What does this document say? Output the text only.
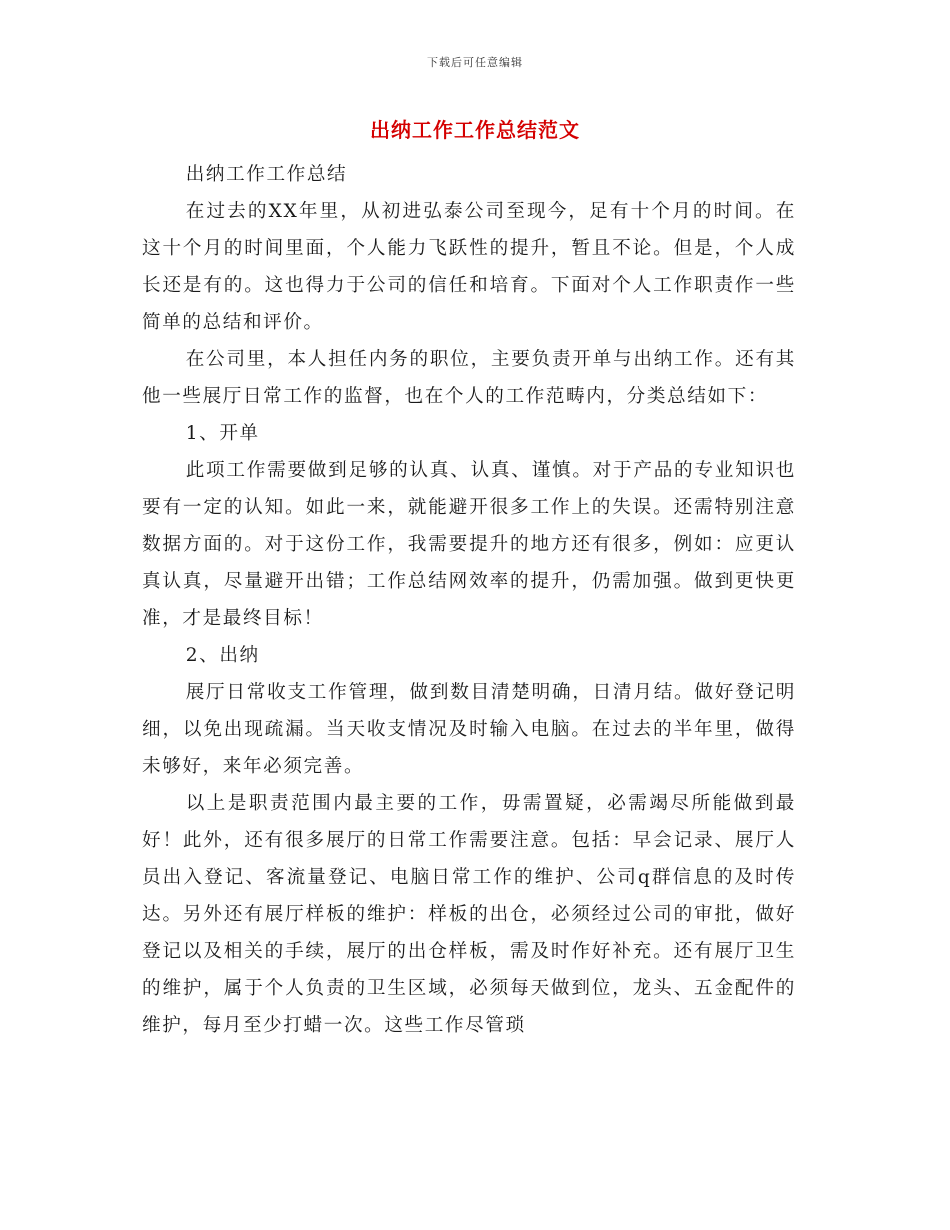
下载后可任意编辑
出纳工作工作总结范文

出纳工作工作总结

在过去的XX年里，从初进弘泰公司至现今，足有十个月的时间。在这十个月的时间里面，个人能力飞跃性的提升，暂且不论。但是，个人成长还是有的。这也得力于公司的信任和培育。下面对个人工作职责作一些简单的总结和评价。

在公司里，本人担任内务的职位，主要负责开单与出纳工作。还有其他一些展厅日常工作的监督，也在个人的工作范畴内，分类总结如下：

1、开单

此项工作需要做到足够的认真、认真、谨慎。对于产品的专业知识也要有一定的认知。如此一来，就能避开很多工作上的失误。还需特别注意数据方面的。对于这份工作，我需要提升的地方还有很多，例如：应更认真认真，尽量避开出错；工作总结网效率的提升，仍需加强。做到更快更准，才是最终目标！

2、出纳

展厅日常收支工作管理，做到数目清楚明确，日清月结。做好登记明细，以免出现疏漏。当天收支情况及时输入电脑。在过去的半年里，做得未够好，来年必须完善。

以上是职责范围内最主要的工作，毋需置疑，必需竭尽所能做到最好！此外，还有很多展厅的日常工作需要注意。包括：早会记录、展厅人员出入登记、客流量登记、电脑日常工作的维护、公司q群信息的及时传达。另外还有展厅样板的维护：样板的出仓，必须经过公司的审批，做好登记以及相关的手续，展厅的出仓样板，需及时作好补充。还有展厅卫生的维护，属于个人负责的卫生区域，必须每天做到位，龙头、五金配件的维护，每月至少打蜡一次。这些工作尽管琐
